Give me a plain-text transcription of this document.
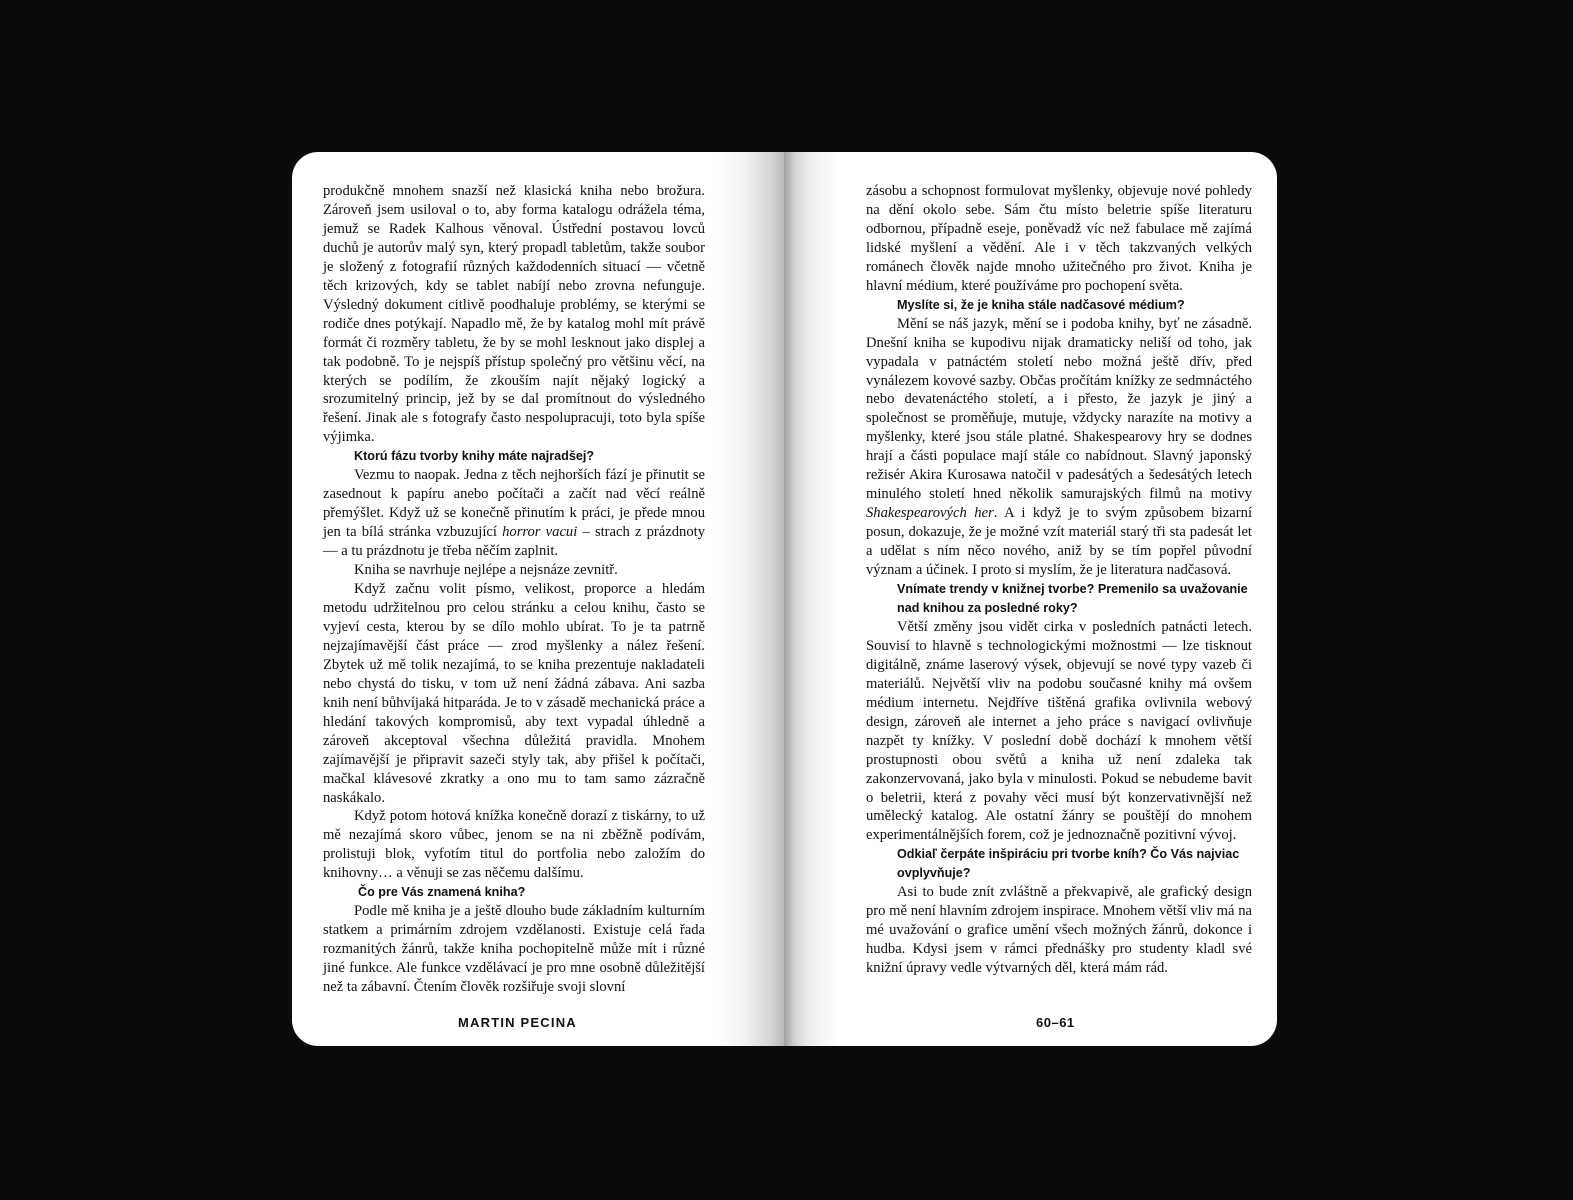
produkčně mnohem snazší než klasická kniha nebo brožura. Zároveň jsem usiloval o to, aby forma katalogu odrážela téma, jemuž se Radek Kalhous věnoval. Ústřední postavou lovců duchů je autorův malý syn, který propadl tabletům, takže soubor je složený z fotografií různých každodenních situací — včetně těch krizových, kdy se tablet nabíjí nebo zrovna nefunguje. Výsledný dokument citlivě poodhaluje problémy, se kterými se rodiče dnes potýkají. Napadlo mě, že by katalog mohl mít právě formát či rozměry tabletu, že by se mohl lesknout jako displej a tak podobně. To je nejspíš přístup společný pro většinu věcí, na kterých se podílím, že zkouším najít nějaký logický a srozumitelný princip, jež by se dal promítnout do výsledného řešení. Jinak ale s fotografy často nespolupracuji, toto byla spíše výjimka.

Ktorú fázu tvorby knihy máte najradšej?

Vezmu to naopak. Jedna z těch nejhorších fází je přinutit se zasednout k papíru anebo počítači a začít nad věcí reálně přemýšlet. Když už se konečně přinutím k práci, je přede mnou jen ta bílá stránka vzbuzující horror vacui – strach z prázdnoty — a tu prázdnotu je třeba něčím zaplnit.

Kniha se navrhuje nejlépe a nejsnáze zevnitř.

Když začnu volit písmo, velikost, proporce a hledám metodu udržitelnou pro celou stránku a celou knihu, často se vyjeví cesta, kterou by se dílo mohlo ubírat. To je ta patrně nejzajímavější část práce — zrod myšlenky a nález řešení. Zbytek už mě tolik nezajímá, to se kniha prezentuje nakladateli nebo chystá do tisku, v tom už není žádná zábava. Ani sazba knih není bůhvíjaká hitparáda. Je to v zásadě mechanická práce a hledání takových kompromisů, aby text vypadal úhledně a zároveň akceptoval všechna důležitá pravidla. Mnohem zajímavější je připravit sazeči styly tak, aby přišel k počítači, mačkal klávesové zkratky a ono mu to tam samo zázračně naskákalo.

Když potom hotová knížka konečně dorazí z tiskárny, to už mě nezajímá skoro vůbec, jenom se na ni zběžně podívám, prolistuji blok, vyfotím titul do portfolia nebo založím do knihovny… a věnuji se zas něčemu dalšímu.

Čo pre Vás znamená kniha?

Podle mě kniha je a ještě dlouho bude základním kulturním statkem a primárním zdrojem vzdělanosti. Existuje celá řada rozmanitých žánrů, takže kniha pochopitelně může mít i různé jiné funkce. Ale funkce vzdělávací je pro mne osobně důležitější než ta zábavní. Čtením člověk rozšiřuje svoji slovní

MARTIN PECINA

zásobu a schopnost formulovat myšlenky, objevuje nové pohledy na dění okolo sebe. Sám čtu místo beletrie spíše literaturu odbornou, případně eseje, poněvadž víc než fabulace mě zajímá lidské myšlení a vědění. Ale i v těch takzvaných velkých románech člověk najde mnoho užitečného pro život. Kniha je hlavní médium, které používáme pro pochopení světa.

Myslíte si, že je kniha stále nadčasové médium?

Mění se náš jazyk, mění se i podoba knihy, byť ne zásadně. Dnešní kniha se kupodivu nijak dramaticky neliší od toho, jak vypadala v patnáctém století nebo možná ještě dřív, před vynálezem kovové sazby. Občas pročítám knížky ze sedmnáctého nebo devatenáctého století, a i přesto, že jazyk je jiný a společnost se proměňuje, mutuje, vždycky narazíte na motivy a myšlenky, které jsou stále platné. Shakespearovy hry se dodnes hrají a části populace mají stále co nabídnout. Slavný japonský režisér Akira Kurosawa natočil v padesátých a šedesátých letech minulého století hned několik samurajských filmů na motivy Shakespearových her. A i když je to svým způsobem bizarní posun, dokazuje, že je možné vzít materiál starý tři sta padesát let a udělat s ním něco nového, aniž by se tím popřel původní význam a účinek. I proto si myslím, že je literatura nadčasová.

Vnímate trendy v knižnej tvorbe? Premenilo sa uvažovanie nad knihou za posledné roky?

Větší změny jsou vidět cirka v posledních patnácti letech. Souvisí to hlavně s technologickými možnostmi — lze tisknout digitálně, známe laserový výsek, objevují se nové typy vazeb či materiálů. Největší vliv na podobu současné knihy má ovšem médium internetu. Nejdříve tištěná grafika ovlivnila webový design, zároveň ale internet a jeho práce s navigací ovlivňuje nazpět ty knížky. V poslední době dochází k mnohem větší prostupnosti obou světů a kniha už není zdaleka tak zakonzervovaná, jako byla v minulosti. Pokud se nebudeme bavit o beletrii, která z povahy věci musí být konzervativnější než umělecký katalog. Ale ostatní žánry se pouštějí do mnohem experimentálnějších forem, což je jednoznačně pozitivní vývoj.

Odkiaľ čerpáte inšpiráciu pri tvorbe kníh? Čo Vás najviac ovplyvňuje?

Asi to bude znít zvláštně a překvapivě, ale grafický design pro mě není hlavním zdrojem inspirace. Mnohem větší vliv má na mé uvažování o grafice umění všech možných žánrů, dokonce i hudba. Kdysi jsem v rámci přednášky pro studenty kladl své knižní úpravy vedle výtvarných děl, která mám rád.

60–61
